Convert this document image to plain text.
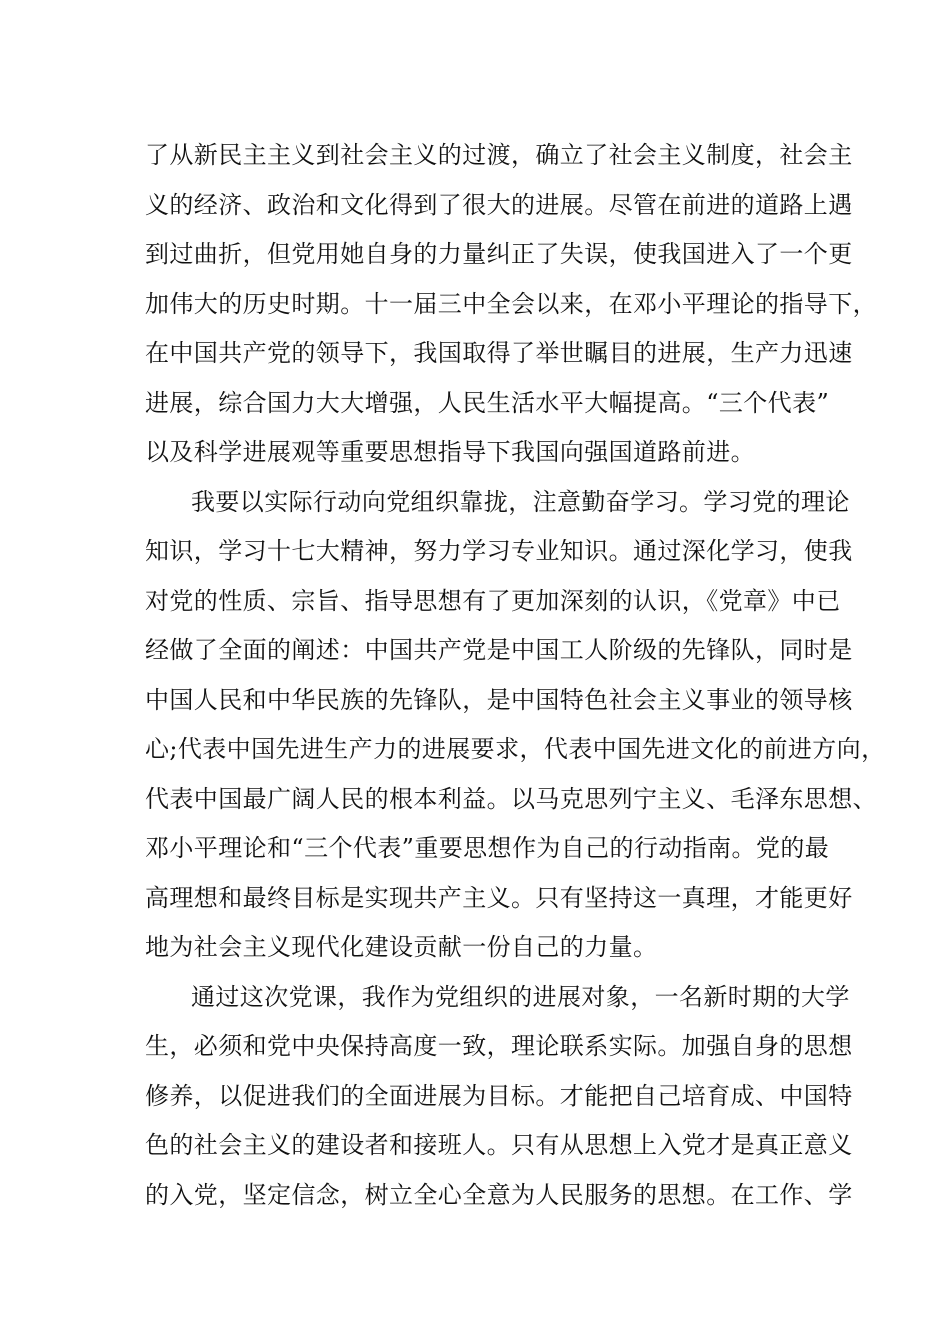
了从新民主主义到社会主义的过渡，确立了社会主义制度，社会主
义的经济、政治和文化得到了很大的进展。尽管在前进的道路上遇
到过曲折，但党用她自身的力量纠正了失误，使我国进入了一个更
加伟大的历史时期。十一届三中全会以来，在邓小平理论的指导下，
在中国共产党的领导下，我国取得了举世瞩目的进展，生产力迅速
进展，综合国力大大增强，人民生活水平大幅提高。“三个代表”
以及科学进展观等重要思想指导下我国向强国道路前进。
我要以实际行动向党组织靠拢，注意勤奋学习。学习党的理论
知识，学习十七大精神，努力学习专业知识。通过深化学习，使我
对党的性质、宗旨、指导思想有了更加深刻的认识，《党章》中已
经做了全面的阐述：中国共产党是中国工人阶级的先锋队，同时是
中国人民和中华民族的先锋队，是中国特色社会主义事业的领导核
心;代表中国先进生产力的进展要求，代表中国先进文化的前进方向，
代表中国最广阔人民的根本利益。以马克思列宁主义、毛泽东思想、
邓小平理论和“三个代表”重要思想作为自己的行动指南。党的最
高理想和最终目标是实现共产主义。只有坚持这一真理，才能更好
地为社会主义现代化建设贡献一份自己的力量。
通过这次党课，我作为党组织的进展对象，一名新时期的大学
生，必须和党中央保持高度一致，理论联系实际。加强自身的思想
修养，以促进我们的全面进展为目标。才能把自己培育成、中国特
色的社会主义的建设者和接班人。只有从思想上入党才是真正意义
的入党，坚定信念，树立全心全意为人民服务的思想。在工作、学
